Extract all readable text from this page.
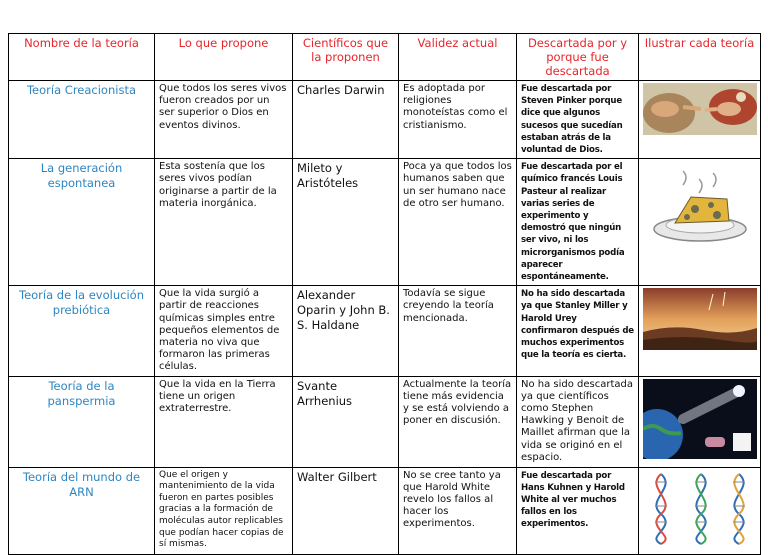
Nombre de la teoría	Lo que propone	Científicos que la proponen	Validez actual	Descartada por y porque fue descartada	Ilustrar cada teoría
Teoría Creacionista	Que todos los seres vivos fueron creados por un ser superior o Dios en eventos divinos.	Charles Darwin	Es adoptada por religiones monoteístas como el cristianismo.	Fue descartada por Steven Pinker porque dice que algunos sucesos que sucedían estaban atrás de la voluntad de Dios.	

La generación espontanea	Esta sostenía que los seres vivos podían originarse a partir de la materia inorgánica.	Mileto y Aristóteles	Poca ya que todos los humanos saben que un ser humano nace de otro ser humano.	Fue descartada por el químico francés Louis Pasteur al realizar varias series de experimento y demostró que ningún ser vivo, ni los microrganismos podía aparecer espontáneamente.	

Teoría de la evolución prebiótica	Que la vida surgió a partir de reacciones químicas simples entre pequeños elementos de materia no viva que formaron las primeras células.	Alexander Oparin y John B. S. Haldane	Todavía se sigue creyendo la teoría mencionada.	No ha sido descartada ya que Stanley Miller y Harold Urey confirmaron después de muchos experimentos que la teoría es cierta.	

Teoría de la panspermia	Que la vida en la Tierra tiene un origen extraterrestre.	Svante Arrhenius	Actualmente la teoría tiene más evidencia y se está volviendo a poner en discusión.	No ha sido descartada ya que científicos como Stephen Hawking y Benoit de Maillet afirman que la vida se originó en el espacio.	

Teoría del mundo de ARN	Que el origen y mantenimiento de la vida fueron en partes posibles gracias a la formación de moléculas autor replicables que podían hacer copias de sí mismas.	Walter Gilbert	No se cree tanto ya que Harold White revelo los fallos al hacer los experimentos.	Fue descartada por Hans Kuhnen y Harold White al ver muchos fallos en los experimentos.	
